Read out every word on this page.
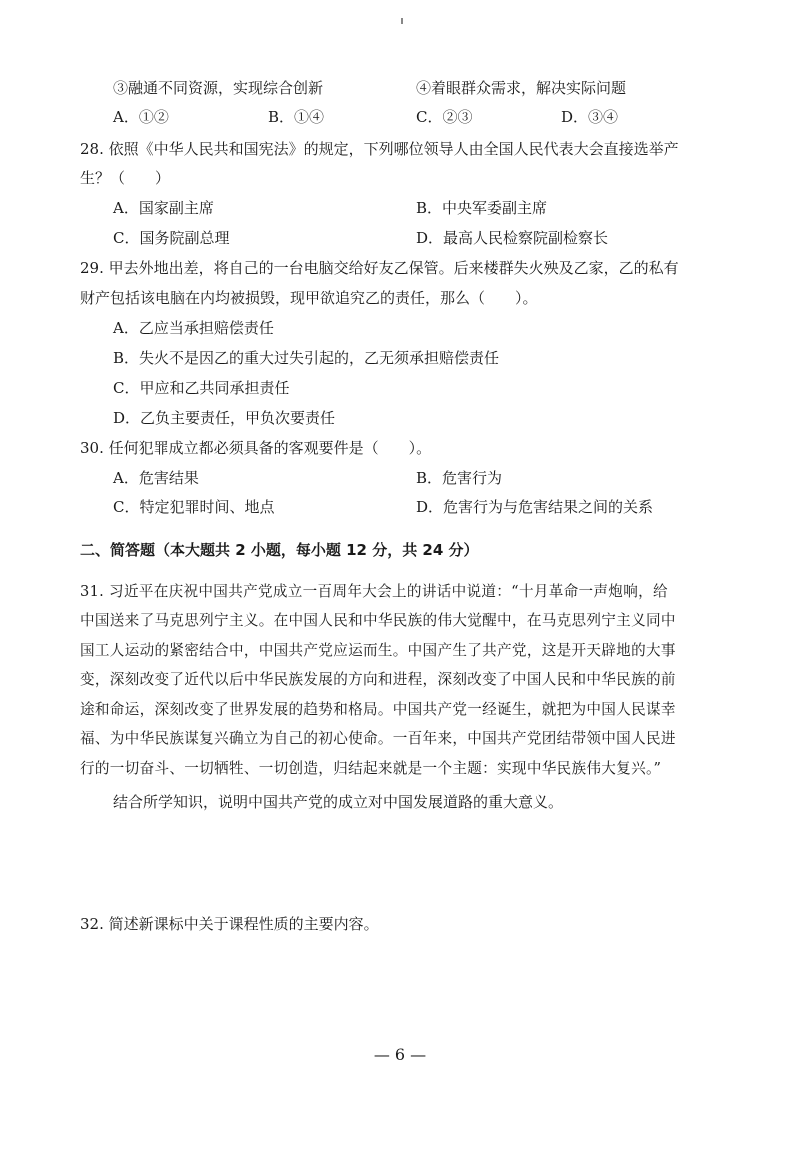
③融通不同资源，实现综合创新	④着眼群众需求，解决实际问题
A．①②	B．①④	C．②③	D．③④
28. 依照《中华人民共和国宪法》的规定，下列哪位领导人由全国人民代表大会直接选举产
生？（　　）
A．国家副主席	B．中央军委副主席
C．国务院副总理	D．最高人民检察院副检察长
29. 甲去外地出差，将自己的一台电脑交给好友乙保管。后来楼群失火殃及乙家，乙的私有
财产包括该电脑在内均被损毁，现甲欲追究乙的责任，那么（　　）。
A．乙应当承担赔偿责任
B．失火不是因乙的重大过失引起的，乙无须承担赔偿责任
C．甲应和乙共同承担责任
D．乙负主要责任，甲负次要责任
30. 任何犯罪成立都必须具备的客观要件是（　　）。
A．危害结果	B．危害行为
C．特定犯罪时间、地点	D．危害行为与危害结果之间的关系
二、简答题（本大题共 2 小题，每小题 12 分，共 24 分）
31. 习近平在庆祝中国共产党成立一百周年大会上的讲话中说道：“十月革命一声炮响，给
中国送来了马克思列宁主义。在中国人民和中华民族的伟大觉醒中，在马克思列宁主义同中
国工人运动的紧密结合中，中国共产党应运而生。中国产生了共产党，这是开天辟地的大事
变，深刻改变了近代以后中华民族发展的方向和进程，深刻改变了中国人民和中华民族的前
途和命运，深刻改变了世界发展的趋势和格局。中国共产党一经诞生，就把为中国人民谋幸
福、为中华民族谋复兴确立为自己的初心使命。一百年来，中国共产党团结带领中国人民进
行的一切奋斗、一切牺牲、一切创造，归结起来就是一个主题：实现中华民族伟大复兴。”
结合所学知识，说明中国共产党的成立对中国发展道路的重大意义。
32. 简述新课标中关于课程性质的主要内容。
— 6 —
